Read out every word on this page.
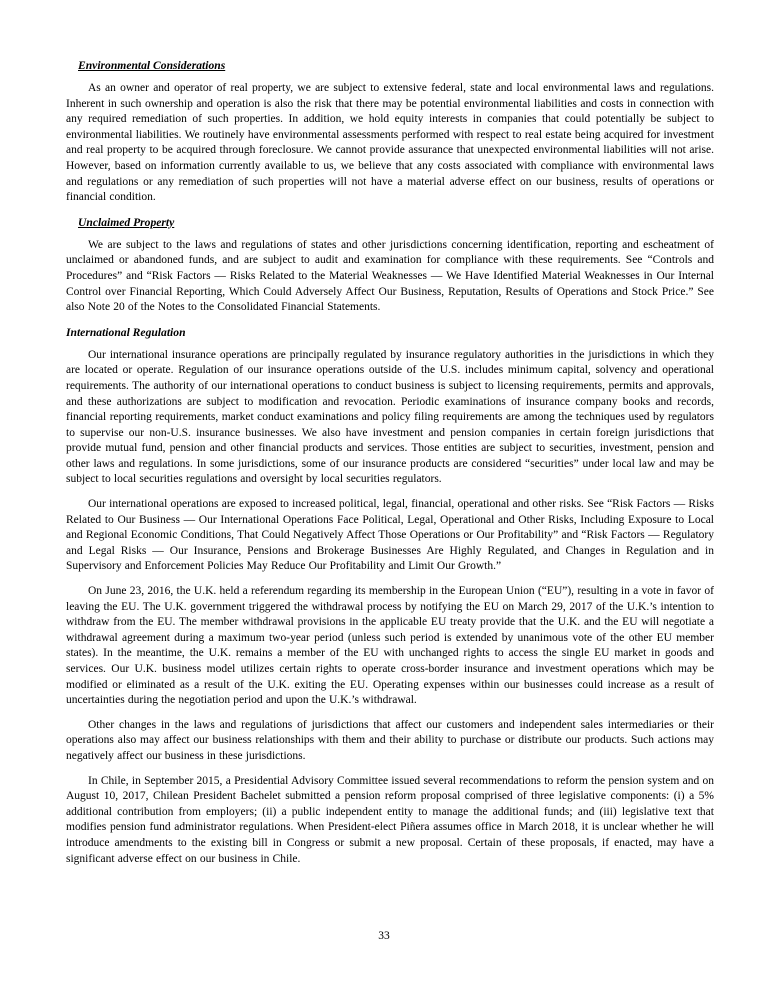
Environmental Considerations

As an owner and operator of real property, we are subject to extensive federal, state and local environmental laws and regulations. Inherent in such ownership and operation is also the risk that there may be potential environmental liabilities and costs in connection with any required remediation of such properties. In addition, we hold equity interests in companies that could potentially be subject to environmental liabilities. We routinely have environmental assessments performed with respect to real estate being acquired for investment and real property to be acquired through foreclosure. We cannot provide assurance that unexpected environmental liabilities will not arise. However, based on information currently available to us, we believe that any costs associated with compliance with environmental laws and regulations or any remediation of such properties will not have a material adverse effect on our business, results of operations or financial condition.

Unclaimed Property

We are subject to the laws and regulations of states and other jurisdictions concerning identification, reporting and escheatment of unclaimed or abandoned funds, and are subject to audit and examination for compliance with these requirements. See “Controls and Procedures” and “Risk Factors — Risks Related to the Material Weaknesses — We Have Identified Material Weaknesses in Our Internal Control over Financial Reporting, Which Could Adversely Affect Our Business, Reputation, Results of Operations and Stock Price.” See also Note 20 of the Notes to the Consolidated Financial Statements.

International Regulation

Our international insurance operations are principally regulated by insurance regulatory authorities in the jurisdictions in which they are located or operate. Regulation of our insurance operations outside of the U.S. includes minimum capital, solvency and operational requirements. The authority of our international operations to conduct business is subject to licensing requirements, permits and approvals, and these authorizations are subject to modification and revocation. Periodic examinations of insurance company books and records, financial reporting requirements, market conduct examinations and policy filing requirements are among the techniques used by regulators to supervise our non-U.S. insurance businesses. We also have investment and pension companies in certain foreign jurisdictions that provide mutual fund, pension and other financial products and services. Those entities are subject to securities, investment, pension and other laws and regulations. In some jurisdictions, some of our insurance products are considered “securities” under local law and may be subject to local securities regulations and oversight by local securities regulators.

Our international operations are exposed to increased political, legal, financial, operational and other risks. See “Risk Factors — Risks Related to Our Business — Our International Operations Face Political, Legal, Operational and Other Risks, Including Exposure to Local and Regional Economic Conditions, That Could Negatively Affect Those Operations or Our Profitability” and “Risk Factors — Regulatory and Legal Risks — Our Insurance, Pensions and Brokerage Businesses Are Highly Regulated, and Changes in Regulation and in Supervisory and Enforcement Policies May Reduce Our Profitability and Limit Our Growth.”

On June 23, 2016, the U.K. held a referendum regarding its membership in the European Union (“EU”), resulting in a vote in favor of leaving the EU. The U.K. government triggered the withdrawal process by notifying the EU on March 29, 2017 of the U.K.’s intention to withdraw from the EU. The member withdrawal provisions in the applicable EU treaty provide that the U.K. and the EU will negotiate a withdrawal agreement during a maximum two-year period (unless such period is extended by unanimous vote of the other EU member states). In the meantime, the U.K. remains a member of the EU with unchanged rights to access the single EU market in goods and services. Our U.K. business model utilizes certain rights to operate cross-border insurance and investment operations which may be modified or eliminated as a result of the U.K. exiting the EU. Operating expenses within our businesses could increase as a result of uncertainties during the negotiation period and upon the U.K.’s withdrawal.

Other changes in the laws and regulations of jurisdictions that affect our customers and independent sales intermediaries or their operations also may affect our business relationships with them and their ability to purchase or distribute our products. Such actions may negatively affect our business in these jurisdictions.

In Chile, in September 2015, a Presidential Advisory Committee issued several recommendations to reform the pension system and on August 10, 2017, Chilean President Bachelet submitted a pension reform proposal comprised of three legislative components: (i) a 5% additional contribution from employers; (ii) a public independent entity to manage the additional funds; and (iii) legislative text that modifies pension fund administrator regulations. When President-elect Piñera assumes office in March 2018, it is unclear whether he will introduce amendments to the existing bill in Congress or submit a new proposal. Certain of these proposals, if enacted, may have a significant adverse effect on our business in Chile.

33
